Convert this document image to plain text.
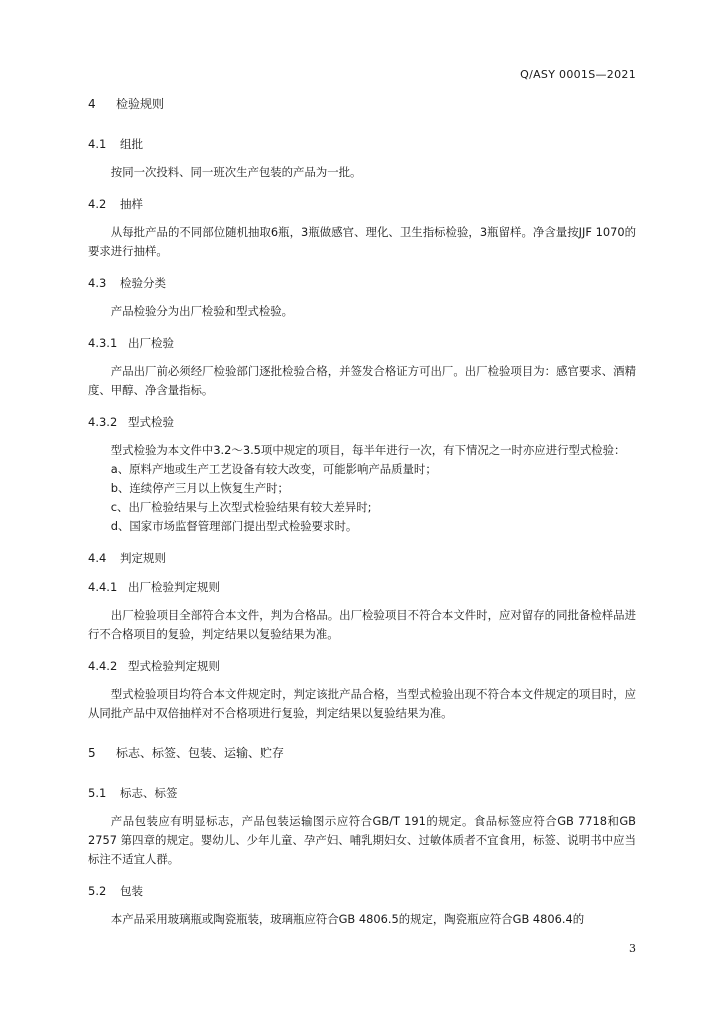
Q/ASY 0001S—2021
4 检验规则
4.1 组批

按同一次投料、同一班次生产包装的产品为一批。

4.2 抽样

从每批产品的不同部位随机抽取6瓶，3瓶做感官、理化、卫生指标检验，3瓶留样。净含量按JJF 1070的要求进行抽样。

4.3 检验分类

产品检验分为出厂检验和型式检验。

4.3.1 出厂检验

产品出厂前必须经厂检验部门逐批检验合格，并签发合格证方可出厂。出厂检验项目为：感官要求、酒精度、甲醇、净含量指标。

4.3.2 型式检验

型式检验为本文件中3.2～3.5项中规定的项目，每半年进行一次，有下情况之一时亦应进行型式检验：

a、原料产地或生产工艺设备有较大改变，可能影响产品质量时；

b、连续停产三月以上恢复生产时；

c、出厂检验结果与上次型式检验结果有较大差异时;

d、国家市场监督管理部门提出型式检验要求时。

4.4 判定规则
4.4.1 出厂检验判定规则

出厂检验项目全部符合本文件，判为合格品。出厂检验项目不符合本文件时，应对留存的同批备检样品进行不合格项目的复验，判定结果以复验结果为准。

4.4.2 型式检验判定规则

型式检验项目均符合本文件规定时，判定该批产品合格，当型式检验出现不符合本文件规定的项目时，应从同批产品中双倍抽样对不合格项进行复验，判定结果以复验结果为准。

5 标志、标签、包装、运输、贮存
5.1 标志、标签

产品包装应有明显标志，产品包装运输图示应符合GB/T 191的规定。食品标签应符合GB 7718和GB 2757 第四章的规定。婴幼儿、少年儿童、孕产妇、哺乳期妇女、过敏体质者不宜食用，标签、说明书中应当标注不适宜人群。

5.2 包装

本产品采用玻璃瓶或陶瓷瓶装，玻璃瓶应符合GB 4806.5的规定，陶瓷瓶应符合GB 4806.4的

3
